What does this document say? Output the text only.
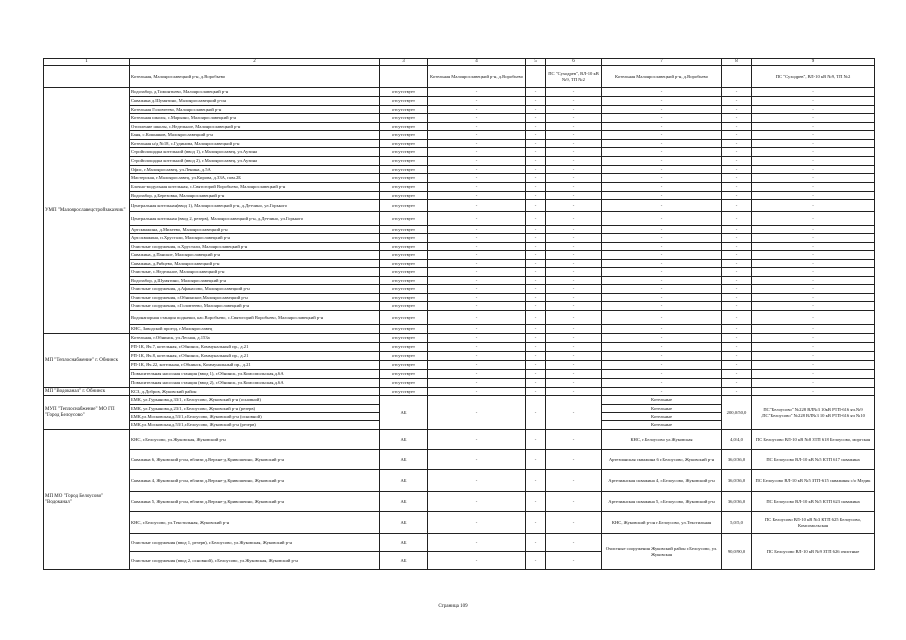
1	2	3	4	5	6	7	8	9
	Котельная, Малоярославецкий р-н, д.Воробьево		Котельная Малоярославецкий р-н, д.Воробьево		ПС "Суходрев", ВЛ-10 кВ №9, ТП №2	Котельная Малоярославецкий р-н, д.Воробьево		ПС "Суходрев", ВЛ-10 кВ №9, ТП №2
УМП "Малоярославецстройзаказчик"	Водозабор, д.Тимонтьево, Малоярославецкий р-н	отсутствует	-	-	-	-	-	-
	Скважина д.Шумятино, Малоярославецкий р-он	отсутствует	-	-	-	-	-	-
	Котельная Головтеево, Малоярославецкий р-н	отсутствует	-	-	-	-	-	-
	Котельная школы, с.Марьино, Малоярославецкий р-н	отсутствует	-	-	-	-	-	-
	Отопление школы, с.Недельное, Малоярославецкий р-н	отсутствует	-	-	-	-	-	-
	Баня, с.Кошняков, Малоярославецкий р-н	отсутствует	-	-	-	-	-	-
	Котельная н/д №18, с.Гудинова, Малоярославецкий р-н	отсутствует	-	-	-	-	-	-
	Стройплощадка котельной (ввод 1), г.Малоярославец, ул.Аузина	отсутствует	-	-	-	-	-	-
	Стройплощадка котельной (ввод 2), г.Малоярославец, ул.Аузина	отсутствует	-	-	-	-	-	-
	Офис, г.Малоярославец, ул.Ленина, д.5А	отсутствует	-	-	-	-	-	-
	Мастерская, г.Малоярославец, ул.Кирова, д.33А, пом.2Б	отсутствует	-	-	-	-	-	-
	Блочно-модульная котельная, с.Святогорий Воробьево, Малоярославецкий р-н	отсутствует	-	-	-	-	-	-
	Водозабор, д.Березовка, Малоярославецкий р-н	отсутствует	-	-	-	-	-	-
	Центральная котельная(ввод 1), Малоярославецкий р-н, д.Детчино, ул.Горького	отсутствует	-	-	-	-	-	-
	Центральная котельная (ввод 2, резерв), Малоярославецкий р-н, д.Детчино, ул.Горького	отсутствует	-	-	-	-	-	-
	Артскважина, д.Михеево, Малоярославецкий р-н	отсутствует	-	-	-	-	-	-
	Арт.скважина, п.Хрустали, Малоярославецкий р-н	отсутствует	-	-	-	-	-	-
	Очистные сооружения, п.Хрустали, Малоярославецкий р-н	отсутствует	-	-	-	-	-	-
	Скважина, д.Панское, Малоярославецкий р-н	отсутствует	-	-	-	-	-	-
	Скважина, д.Рябцево, Малоярославецкий р-н	отсутствует	-	-	-	-	-	-
	Очистные, с.Недельное, Малоярославецкий р-н	отсутствует	-	-	-	-	-	-
	Водозабор, д.Шумятино, Малоярославецкий р-н	отсутствует	-	-	-	-	-	-
	Очистные сооружения, д.Афанасово, Малоярославецкий р-н	отсутствует	-	-	-	-	-	-
	Очистные сооружения, г.Обнинское,Малоярославецкий р-н	отсутствует	-	-	-	-	-	-
	Очистные сооружения, г.Головтеево, Малоярославецкий р-н	отсутствует	-	-	-	-	-	-
	Водонапорная станция подкачки, кас.Воробьево, с.Святогорий Воробьево, Малоярославецкий р-н	отсутствует	-	-	-	-	-	-
	КНС, Заводской проезд, г.Малоярославец	отсутствует	-	-	-	-	-	-
МП "Теплоснабжение" г. Обнинск	Котельная, г.Обнинск, ул.Лесная, д.153а	отсутствует	-	-	-	-	-	-
	РП-1К, Яч.7, котельная, г.Обнинск, Коммунальный пр., д.21	отсутствует	-	-	-	-	-	-
	РП-1К, Яч.8, котельная, г.Обнинск, Коммунальный пр., д.21	отсутствует	-	-	-	-	-	-
	РП-1К, Яч.22, котельная, г.Обнинск, Коммунальный пр., д.21	отсутствует	-	-	-	-	-	-
	Повысительная насосная станция (ввод 1), г.Обнинск, ул.Комсомольская,д.6А	отсутствует	-	-	-	-	-	-
	Повысительная насосная станция (ввод 2), г.Обнинск, ул.Комсомольская,д.6А	отсутствует	-	-	-	-	-	-
МП "Водоканал" г. Обнинск	КСЗ, д.Добров, Жуковский район	отсутствует	-	-	-	-	-	-
МУП "Теплоснабжение" МО ГП "Город Белоусово"	БМК, ул.Гурьянова,д.33/1, г.Белоусово, Жуковский р-н (основной)	АБ	-	-	-	Котельные	200,0/50,0	ПС"Белоусово" №228 ВЛ№3 10кВ РТП-616 яч.№9 ,ПС"Белоусово" №228 ВЛ№3 10 кВ РТП-616 яч №10
	БМК, ул.Гурьянова,д.23/1, г.Белоусово, Жуковский р-н (резерв)					Котельные		
	БМК,ул.Московская,д.53/1,г.Белоусово, Жуковский р-н (основной)					Котельные		
	БМК,ул.Московская,д.53/1,г.Белоусово, Жуковский р-н (резерв)					Котельные		
МП МО "Город Белоусово" "Водоканал"	КНС, г.Белоусово, ул.Жуковская, Жуковский р-н	АБ	-	-	-	КНС, г.Белоусово ул.Жуковская	4,0/4,0	ПС Белоусово ВЛ-10 кВ №8 ЗТП 618 Белоусово, моргская
	Скважина 6, Жуковский р-он, вблизи д.Верхне-д.Кривошеино, Жуковский р-н	АБ	-	-	-	Артезианская скважина 6 г.Белоусово, Жуковский р-н	36,0/36,0	ПС Белоусово ВЛ-10 кВ №5 КТП 617 скважина
	Скважина 4, Жуковский р-он, вблизи д.Верхне-д.Кривошеино, Жуковский р-н	АБ	-	-	-	Артезианская скважина 4, г.Белоусово, Жуковский р-н	36,0/36,0	ПС Белоусово ВЛ-10 кВ №5 ЗТП-615 скважины с/о Медик
	Скважина 5, Жуковский р-он, вблизи д.Верхне-д.Кривошеино, Жуковский р-н	АБ	-	-	-	Артезианская скважина 5, г.Белоусово, Жуковский р-н	36,0/36,0	ПС Белоусово ВЛ-10 кВ №5 КТП 623 скважина
	КНС, г.Белоусово, ул.Текстильная, Жуковский р-н	АБ	-	-	-	КНС, Жуковский р-он г.Белоусово, ул.Текстильная	5,0/5,0	ПС Белоусово ВЛ-10 кВ №3 КТП 625 Белоусово, Комсомольская
	Очистные сооружения (ввод 1, резерв), г.Белоусово, ул.Жуковская, Жуковский р-н	АБ	-	-	-	Очистные сооружения Жуковский район г.Белоусово, ул. Жуковская	90,0/90,0	ПС Белоусово ВЛ-10 кВ №9 ЗТП 626 очистные
	Очистные сооружения (ввод 2, основной), г.Белоусово, ул.Жуковская, Жуковский р-н	АБ	-	-	-			
Страница 109
